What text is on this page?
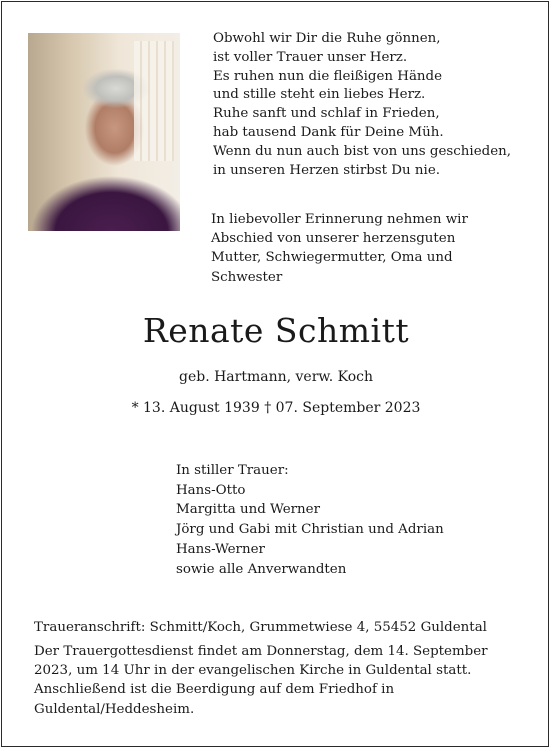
Obwohl wir Dir die Ruhe gönnen,
ist voller Trauer unser Herz.
Es ruhen nun die fleißigen Hände
und stille steht ein liebes Herz.
Ruhe sanft und schlaf in Frieden,
hab tausend Dank für Deine Müh.
Wenn du nun auch bist von uns geschieden,
in unseren Herzen stirbst Du nie.
In liebevoller Erinnerung nehmen wir
Abschied von unserer herzensguten
Mutter, Schwiegermutter, Oma und
Schwester
Renate Schmitt
geb. Hartmann, verw. Koch
* 13. August 1939 † 07. September 2023
In stiller Trauer:
Hans-Otto
Margitta und Werner
Jörg und Gabi mit Christian und Adrian
Hans-Werner
sowie alle Anverwandten
Traueranschrift: Schmitt/Koch, Grummetwiese 4, 55452 Guldental
Der Trauergottesdienst findet am Donnerstag, dem 14. September
2023, um 14 Uhr in der evangelischen Kirche in Guldental statt.
Anschließend ist die Beerdigung auf dem Friedhof in
Guldental/Heddesheim.
